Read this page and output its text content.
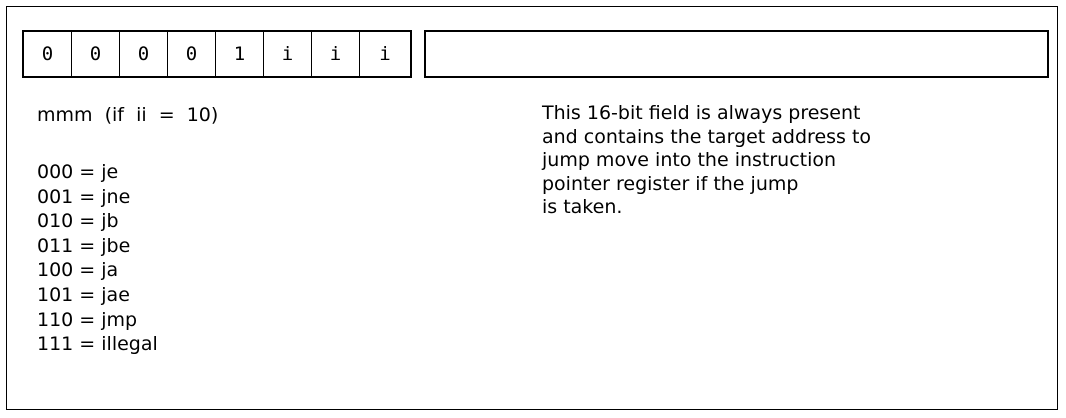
0	0	0	0	1	i	i	i
mmm  (if  ii  =  10)
000 = je
001 = jne
010 = jb
011 = jbe
100 = ja
101 = jae
110 = jmp
111 = illegal
This 16-bit field is always present
and contains the target address to
jump move into the instruction
pointer register if the jump
is taken.
